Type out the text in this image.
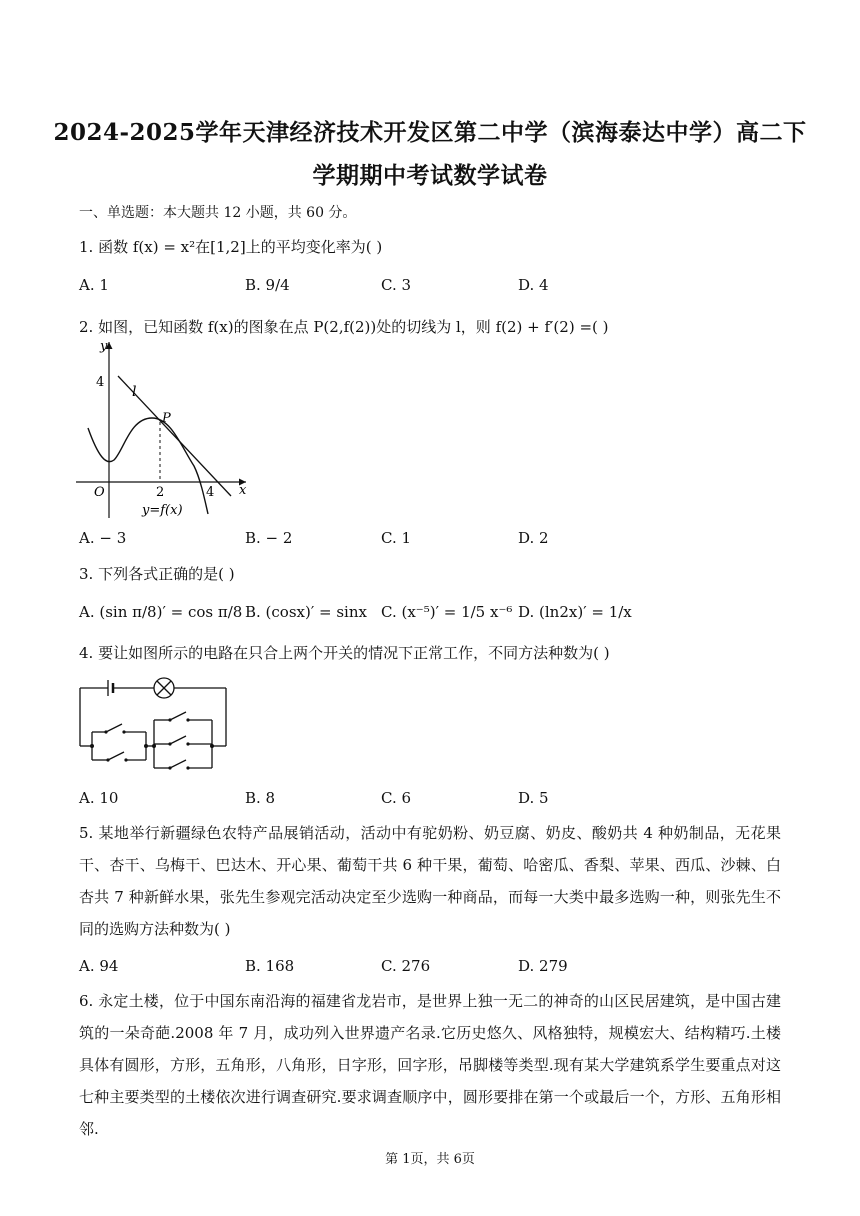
2024-2025学年天津经济技术开发区第二中学（滨海泰达中学）高二下
学期期中考试数学试卷
一、单选题：本大题共 12 小题，共 60 分。
1. 函数 f(x) = x²在[1,2]上的平均变化率为( )
A. 1	B. 9/4	C. 3	D. 4
2. 如图，已知函数 f(x)的图象在点 P(2,f(2))处的切线为 l，则 f(2) + f′(2) =( )
y
x
O
4
l
P
2	4
y=f(x)
A. − 3	B. − 2	C. 1	D. 2
3. 下列各式正确的是( )
A. (sin π/8)′ = cos π/8 B. (cosx)′ = sinx C. (x⁻⁵)′ = 1/5 x⁻⁶ D. (ln2x)′ = 1/x
4. 要让如图所示的电路在只合上两个开关的情况下正常工作，不同方法种数为( )
A. 10	B. 8	C. 6	D. 5
5. 某地举行新疆绿色农特产品展销活动，活动中有驼奶粉、奶豆腐、奶皮、酸奶共 4 种奶制品，无花果干、杏干、乌梅干、巴达木、开心果、葡萄干共 6 种干果，葡萄、哈密瓜、香梨、苹果、西瓜、沙棘、白杏共 7 种新鲜水果，张先生参观完活动决定至少选购一种商品，而每一大类中最多选购一种，则张先生不同的选购方法种数为( )
A. 94	B. 168	C. 276	D. 279
6. 永定土楼，位于中国东南沿海的福建省龙岩市，是世界上独一无二的神奇的山区民居建筑，是中国古建筑的一朵奇葩.2008 年 7 月，成功列入世界遗产名录.它历史悠久、风格独特，规模宏大、结构精巧.土楼具体有圆形，方形，五角形，八角形，日字形，回字形，吊脚楼等类型.现有某大学建筑系学生要重点对这七种主要类型的土楼依次进行调查研究.要求调查顺序中，圆形要排在第一个或最后一个，方形、五角形相邻.
第 1页，共 6页
